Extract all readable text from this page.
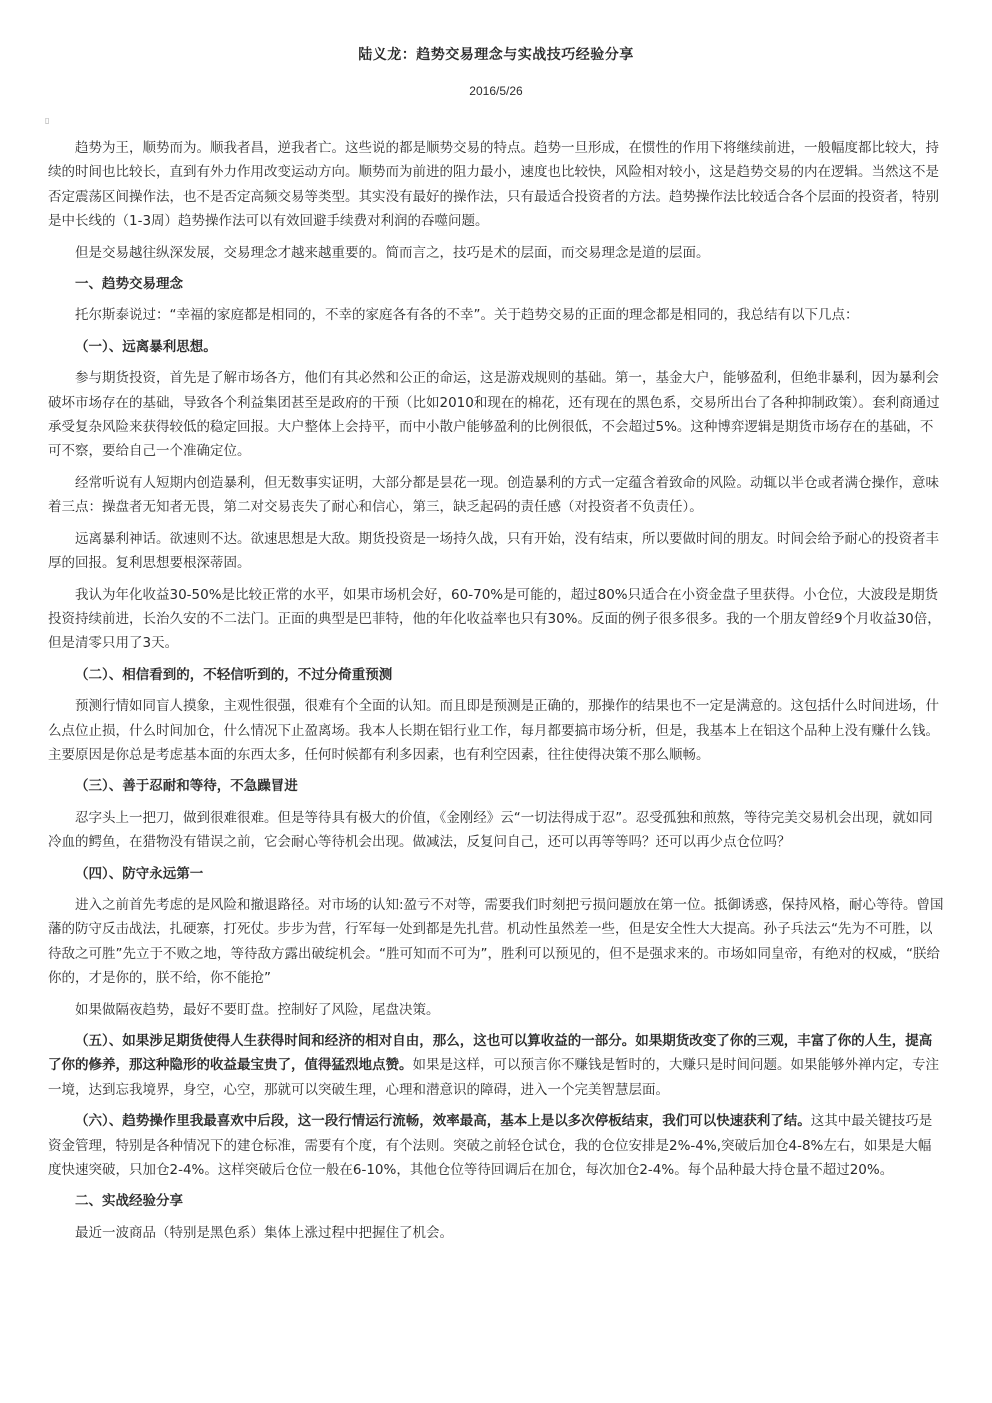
陆义龙：趋势交易理念与实战技巧经验分享
2016/5/26
▯

趋势为王，顺势而为。顺我者昌，逆我者亡。这些说的都是顺势交易的特点。趋势一旦形成，在惯性的作用下将继续前进，一般幅度都比较大，持续的时间也比较长，直到有外力作用改变运动方向。顺势而为前进的阻力最小，速度也比较快，风险相对较小，这是趋势交易的内在逻辑。当然这不是否定震荡区间操作法，也不是否定高频交易等类型。其实没有最好的操作法，只有最适合投资者的方法。趋势操作法比较适合各个层面的投资者，特别是中长线的（1-3周）趋势操作法可以有效回避手续费对利润的吞噬问题。

但是交易越往纵深发展，交易理念才越来越重要的。简而言之，技巧是术的层面，而交易理念是道的层面。

一、趋势交易理念

托尔斯泰说过：“幸福的家庭都是相同的，不幸的家庭各有各的不幸”。关于趋势交易的正面的理念都是相同的，我总结有以下几点：

（一）、远离暴利思想。

参与期货投资，首先是了解市场各方，他们有其必然和公正的命运，这是游戏规则的基础。第一，基金大户，能够盈利，但绝非暴利，因为暴利会破坏市场存在的基础，导致各个利益集团甚至是政府的干预（比如2010和现在的棉花，还有现在的黑色系，交易所出台了各种抑制政策）。套利商通过承受复杂风险来获得较低的稳定回报。大户整体上会持平，而中小散户能够盈利的比例很低，不会超过5%。这种博弈逻辑是期货市场存在的基础，不可不察，要给自己一个准确定位。

经常听说有人短期内创造暴利，但无数事实证明，大部分都是昙花一现。创造暴利的方式一定蕴含着致命的风险。动辄以半仓或者满仓操作，意味着三点：操盘者无知者无畏，第二对交易丧失了耐心和信心，第三，缺乏起码的责任感（对投资者不负责任）。

远离暴利神话。欲速则不达。欲速思想是大敌。期货投资是一场持久战，只有开始，没有结束，所以要做时间的朋友。时间会给予耐心的投资者丰厚的回报。复利思想要根深蒂固。

我认为年化收益30-50%是比较正常的水平，如果市场机会好，60-70%是可能的，超过80%只适合在小资金盘子里获得。小仓位，大波段是期货投资持续前进，长治久安的不二法门。正面的典型是巴菲特，他的年化收益率也只有30%。反面的例子很多很多。我的一个朋友曾经9个月收益30倍，但是清零只用了3天。

（二）、相信看到的，不轻信听到的，不过分倚重预测

预测行情如同盲人摸象，主观性很强，很难有个全面的认知。而且即是预测是正确的，那操作的结果也不一定是满意的。这包括什么时间进场，什么点位止损，什么时间加仓，什么情况下止盈离场。我本人长期在铝行业工作，每月都要搞市场分析，但是，我基本上在铝这个品种上没有赚什么钱。主要原因是你总是考虑基本面的东西太多，任何时候都有利多因素，也有利空因素，往往使得决策不那么顺畅。

（三）、善于忍耐和等待，不急躁冒进

忍字头上一把刀，做到很难很难。但是等待具有极大的价值，《金刚经》云“一切法得成于忍”。忍受孤独和煎熬，等待完美交易机会出现，就如同冷血的鳄鱼，在猎物没有错误之前，它会耐心等待机会出现。做减法，反复问自己，还可以再等等吗？还可以再少点仓位吗？

（四）、防守永远第一

进入之前首先考虑的是风险和撤退路径。对市场的认知:盈亏不对等，需要我们时刻把亏损问题放在第一位。抵御诱惑，保持风格，耐心等待。曾国藩的防守反击战法，扎硬寨，打死仗。步步为营，行军每一处到都是先扎营。机动性虽然差一些，但是安全性大大提高。孙子兵法云“先为不可胜，以待敌之可胜”先立于不败之地，等待敌方露出破绽机会。“胜可知而不可为”，胜利可以预见的，但不是强求来的。市场如同皇帝，有绝对的权威，“朕给你的，才是你的，朕不给，你不能抢”

如果做隔夜趋势，最好不要盯盘。控制好了风险，尾盘决策。

（五）、如果涉足期货使得人生获得时间和经济的相对自由，那么，这也可以算收益的一部分。如果期货改变了你的三观，丰富了你的人生，提高了你的修养，那这种隐形的收益最宝贵了，值得猛烈地点赞。如果是这样，可以预言你不赚钱是暂时的，大赚只是时间问题。如果能够外禅内定，专注一境，达到忘我境界，身空，心空，那就可以突破生理，心理和潜意识的障碍，进入一个完美智慧层面。

（六）、趋势操作里我最喜欢中后段，这一段行情运行流畅，效率最高，基本上是以多次停板结束，我们可以快速获利了结。这其中最关键技巧是资金管理，特别是各种情况下的建仓标准，需要有个度，有个法则。突破之前轻仓试仓，我的仓位安排是2%-4%,突破后加仓4-8%左右，如果是大幅度快速突破，只加仓2-4%。这样突破后仓位一般在6-10%，其他仓位等待回调后在加仓，每次加仓2-4%。每个品种最大持仓量不超过20%。

二、实战经验分享

最近一波商品（特别是黑色系）集体上涨过程中把握住了机会。
